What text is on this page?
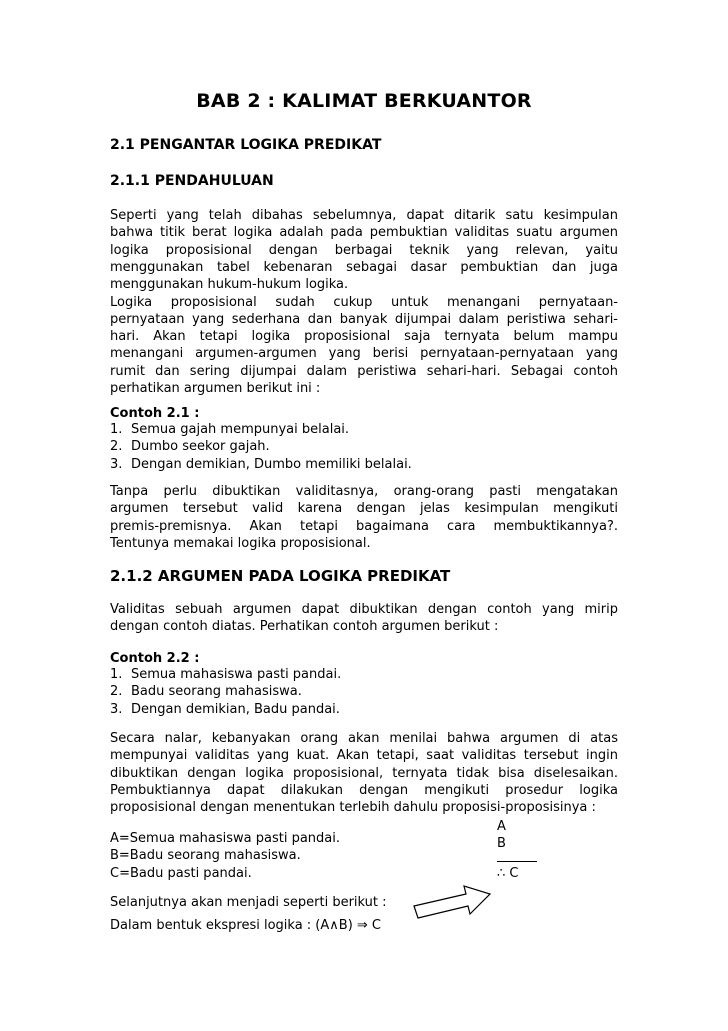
BAB 2 : KALIMAT BERKUANTOR
2.1 PENGANTAR LOGIKA PREDIKAT
2.1.1 PENDAHULUAN
Seperti yang telah dibahas sebelumnya, dapat ditarik satu kesimpulan
bahwa titik berat logika adalah pada pembuktian validitas suatu argumen
logika proposisional dengan berbagai teknik yang relevan, yaitu
menggunakan tabel kebenaran sebagai dasar pembuktian dan juga
menggunakan hukum-hukum logika.
Logika proposisional sudah cukup untuk menangani pernyataan-
pernyataan yang sederhana dan banyak dijumpai dalam peristiwa sehari-
hari. Akan tetapi logika proposisional saja ternyata belum mampu
menangani argumen-argumen yang berisi pernyataan-pernyataan yang
rumit dan sering dijumpai dalam peristiwa sehari-hari. Sebagai contoh
perhatikan argumen berikut ini :
Contoh 2.1 :
1. Semua gajah mempunyai belalai.
2. Dumbo seekor gajah.
3. Dengan demikian, Dumbo memiliki belalai.
Tanpa perlu dibuktikan validitasnya, orang-orang pasti mengatakan
argumen tersebut valid karena dengan jelas kesimpulan mengikuti
premis-premisnya. Akan tetapi bagaimana cara membuktikannya?.
Tentunya memakai logika proposisional.
2.1.2 ARGUMEN PADA LOGIKA PREDIKAT
Validitas sebuah argumen dapat dibuktikan dengan contoh yang mirip
dengan contoh diatas. Perhatikan contoh argumen berikut :
Contoh 2.2 :
1. Semua mahasiswa pasti pandai.
2. Badu seorang mahasiswa.
3. Dengan demikian, Badu pandai.
Secara nalar, kebanyakan orang akan menilai bahwa argumen di atas
mempunyai validitas yang kuat. Akan tetapi, saat validitas tersebut ingin
dibuktikan dengan logika proposisional, ternyata tidak bisa diselesaikan.
Pembuktiannya dapat dilakukan dengan mengikuti prosedur logika
proposisional dengan menentukan terlebih dahulu proposisi-proposisinya :
A=Semua mahasiswa pasti pandai.
B=Badu seorang mahasiswa.
C=Badu pasti pandai.
A
B
∴ C
Selanjutnya akan menjadi seperti berikut :
Dalam bentuk ekspresi logika : (A∧B) ⇒ C
